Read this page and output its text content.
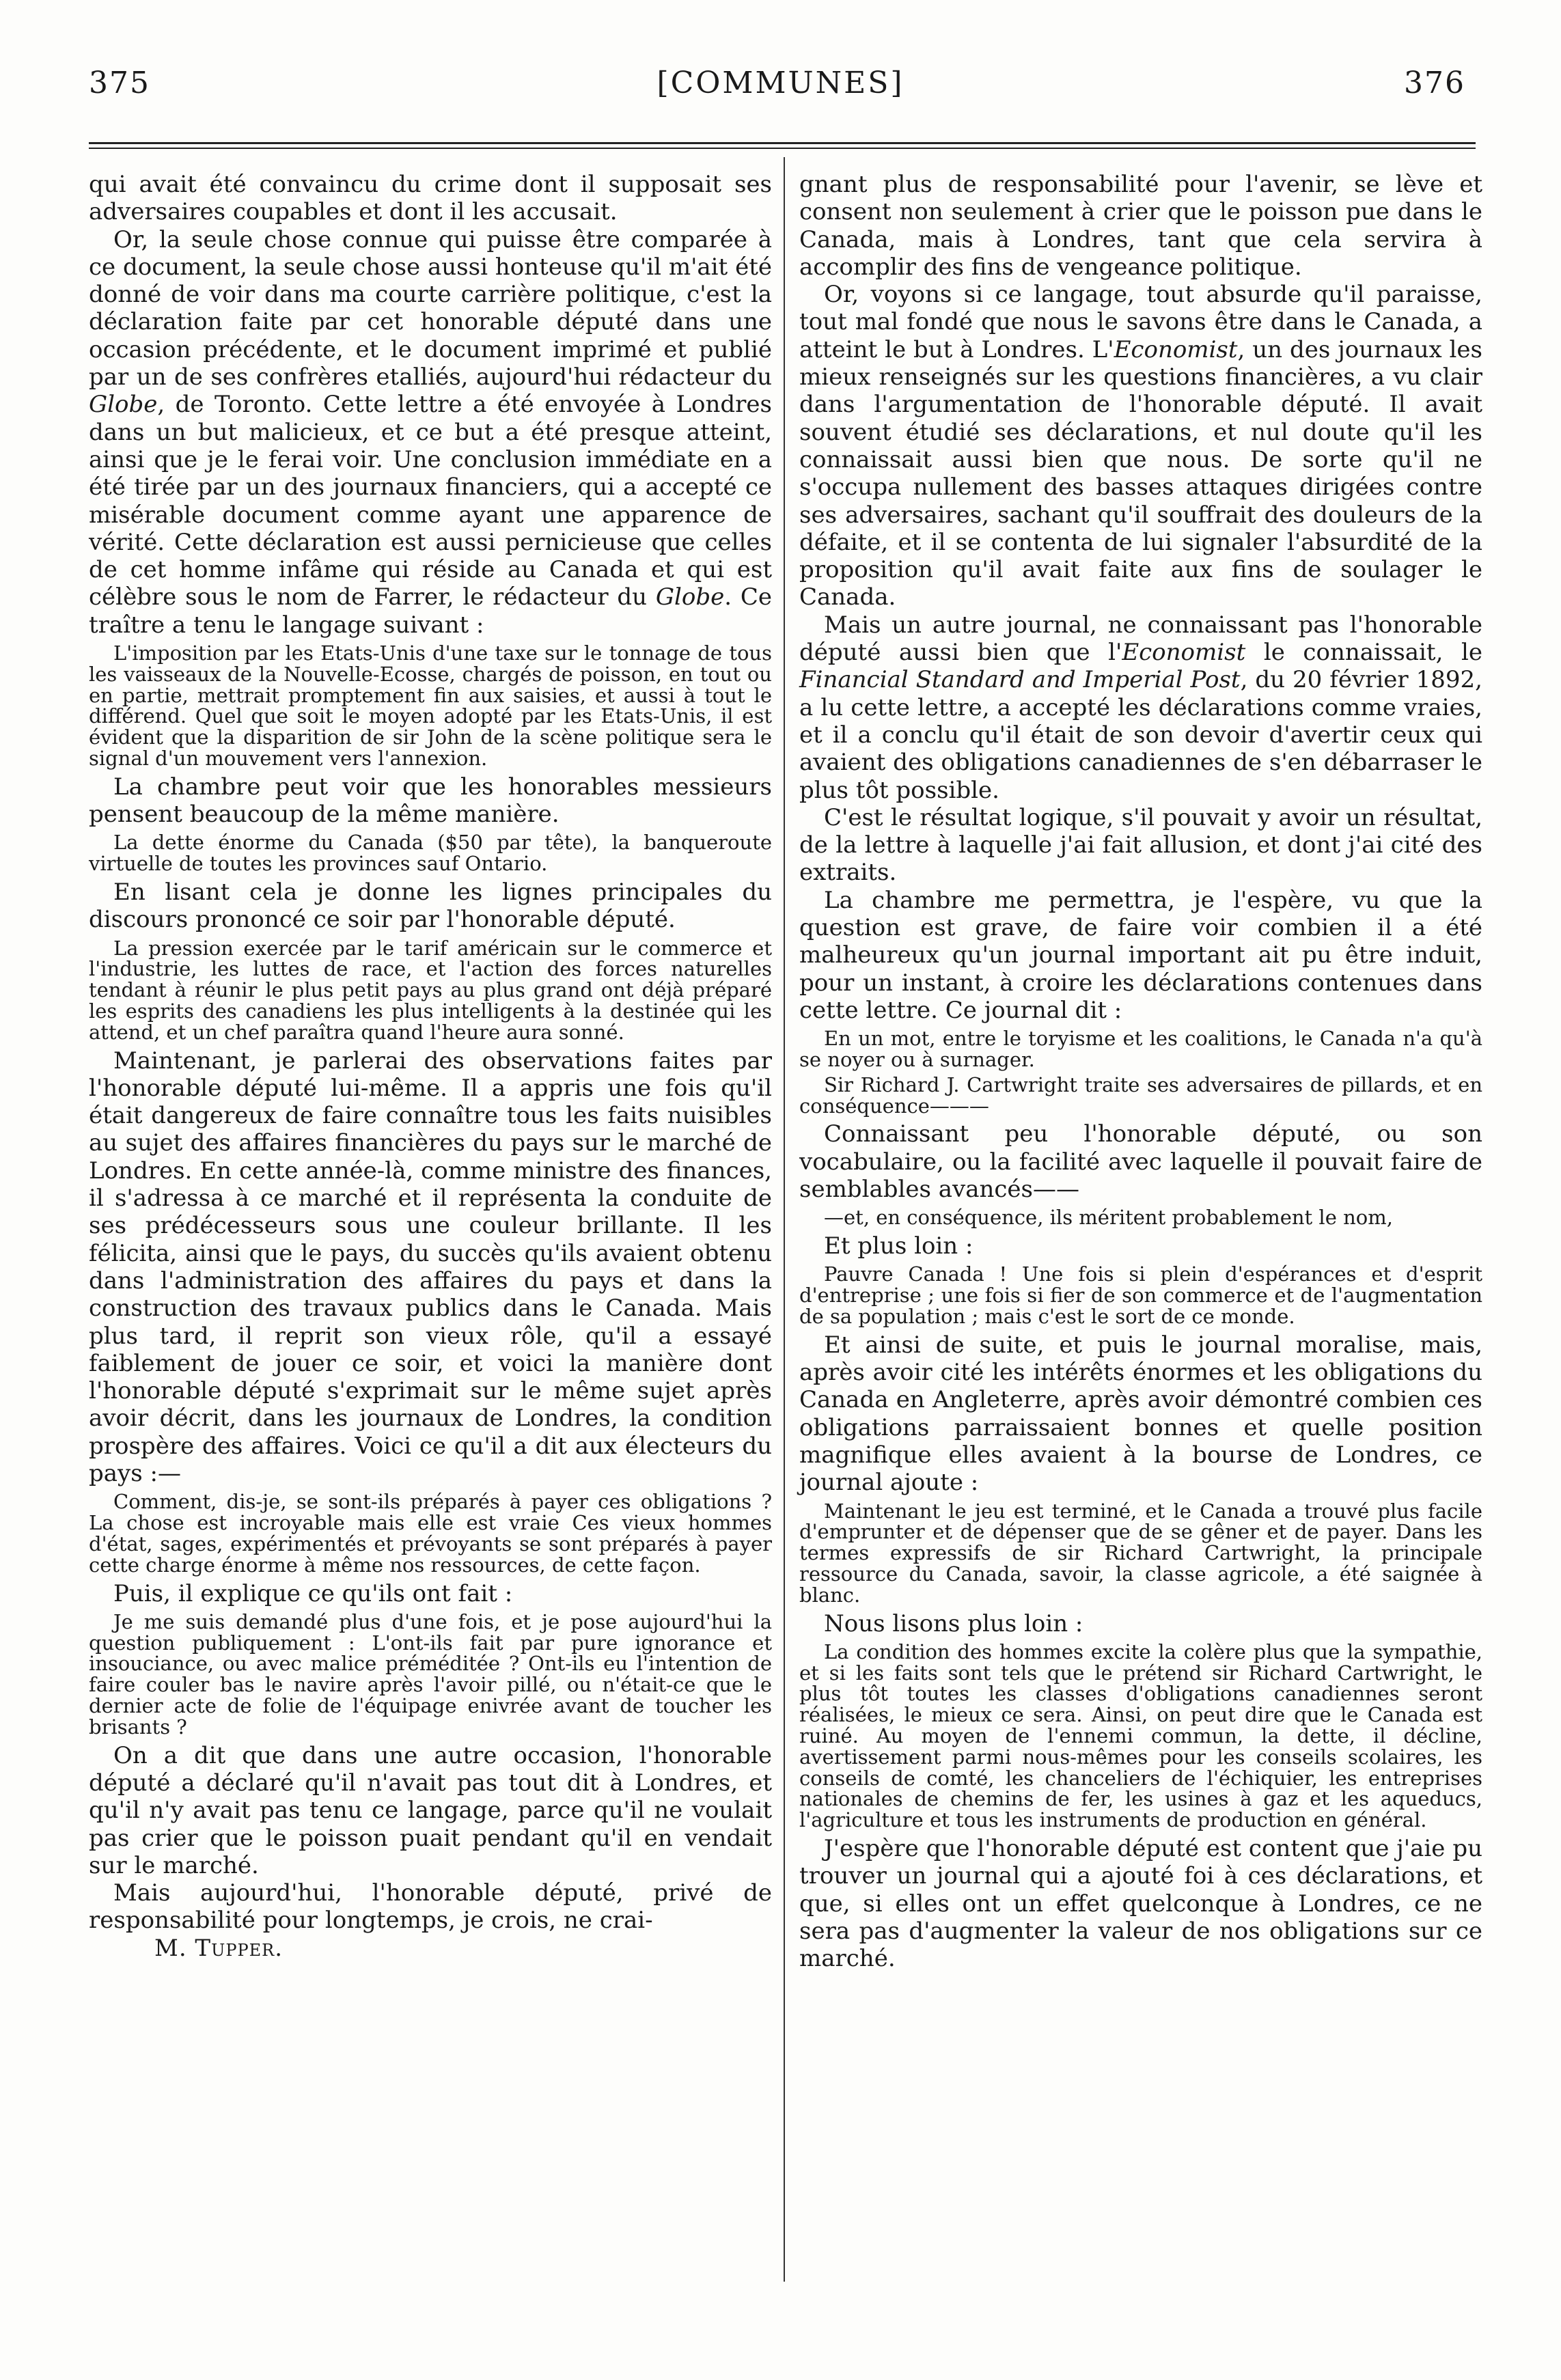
375	[COMMUNES]	376

qui avait été convaincu du crime dont il supposait ses adversaires coupables et dont il les accusait.

Or, la seule chose connue qui puisse être comparée à ce document, la seule chose aussi honteuse qu'il m'ait été donné de voir dans ma courte carrière politique, c'est la déclaration faite par cet honorable député dans une occasion précédente, et le document imprimé et publié par un de ses confrères etalliés, aujourd'hui rédacteur du Globe, de Toronto. Cette lettre a été envoyée à Londres dans un but malicieux, et ce but a été presque atteint, ainsi que je le ferai voir. Une conclusion immédiate en a été tirée par un des journaux financiers, qui a accepté ce misérable document comme ayant une apparence de vérité. Cette déclaration est aussi pernicieuse que celles de cet homme infâme qui réside au Canada et qui est célèbre sous le nom de Farrer, le rédacteur du Globe. Ce traître a tenu le langage suivant :

L'imposition par les Etats-Unis d'une taxe sur le tonnage de tous les vaisseaux de la Nouvelle-Ecosse, chargés de poisson, en tout ou en partie, mettrait promptement fin aux saisies, et aussi à tout le différend. Quel que soit le moyen adopté par les Etats-Unis, il est évident que la disparition de sir John de la scène politique sera le signal d'un mouvement vers l'annexion.

La chambre peut voir que les honorables messieurs pensent beaucoup de la même manière.

La dette énorme du Canada ($50 par tête), la banqueroute virtuelle de toutes les provinces sauf Ontario.

En lisant cela je donne les lignes principales du discours prononcé ce soir par l'honorable député.

La pression exercée par le tarif américain sur le commerce et l'industrie, les luttes de race, et l'action des forces naturelles tendant à réunir le plus petit pays au plus grand ont déjà préparé les esprits des canadiens les plus intelligents à la destinée qui les attend, et un chef paraîtra quand l'heure aura sonné.

Maintenant, je parlerai des observations faites par l'honorable député lui-même. Il a appris une fois qu'il était dangereux de faire connaître tous les faits nuisibles au sujet des affaires financières du pays sur le marché de Londres. En cette année-là, comme ministre des finances, il s'adressa à ce marché et il représenta la conduite de ses prédécesseurs sous une couleur brillante. Il les félicita, ainsi que le pays, du succès qu'ils avaient obtenu dans l'administration des affaires du pays et dans la construction des travaux publics dans le Canada. Mais plus tard, il reprit son vieux rôle, qu'il a essayé faiblement de jouer ce soir, et voici la manière dont l'honorable député s'exprimait sur le même sujet après avoir décrit, dans les journaux de Londres, la condition prospère des affaires. Voici ce qu'il a dit aux électeurs du pays :—

Comment, dis-je, se sont-ils préparés à payer ces obligations ? La chose est incroyable mais elle est vraie Ces vieux hommes d'état, sages, expérimentés et prévoyants se sont préparés à payer cette charge énorme à même nos ressources, de cette façon.

Puis, il explique ce qu'ils ont fait :

Je me suis demandé plus d'une fois, et je pose aujourd'hui la question publiquement : L'ont-ils fait par pure ignorance et insouciance, ou avec malice préméditée ? Ont-ils eu l'intention de faire couler bas le navire après l'avoir pillé, ou n'était-ce que le dernier acte de folie de l'équipage enivrée avant de toucher les brisants ?

On a dit que dans une autre occasion, l'honorable député a déclaré qu'il n'avait pas tout dit à Londres, et qu'il n'y avait pas tenu ce langage, parce qu'il ne voulait pas crier que le poisson puait pendant qu'il en vendait sur le marché.

Mais aujourd'hui, l'honorable député, privé de responsabilité pour longtemps, je crois, ne crai-

M. Tupper.

gnant plus de responsabilité pour l'avenir, se lève et consent non seulement à crier que le poisson pue dans le Canada, mais à Londres, tant que cela servira à accomplir des fins de vengeance politique.

Or, voyons si ce langage, tout absurde qu'il paraisse, tout mal fondé que nous le savons être dans le Canada, a atteint le but à Londres. L'Economist, un des journaux les mieux renseignés sur les questions financières, a vu clair dans l'argumentation de l'honorable député. Il avait souvent étudié ses déclarations, et nul doute qu'il les connaissait aussi bien que nous. De sorte qu'il ne s'occupa nullement des basses attaques dirigées contre ses adversaires, sachant qu'il souffrait des douleurs de la défaite, et il se contenta de lui signaler l'absurdité de la proposition qu'il avait faite aux fins de soulager le Canada.

Mais un autre journal, ne connaissant pas l'honorable député aussi bien que l'Economist le connaissait, le Financial Standard and Imperial Post, du 20 février 1892, a lu cette lettre, a accepté les déclarations comme vraies, et il a conclu qu'il était de son devoir d'avertir ceux qui avaient des obligations canadiennes de s'en débarraser le plus tôt possible.

C'est le résultat logique, s'il pouvait y avoir un résultat, de la lettre à laquelle j'ai fait allusion, et dont j'ai cité des extraits.

La chambre me permettra, je l'espère, vu que la question est grave, de faire voir combien il a été malheureux qu'un journal important ait pu être induit, pour un instant, à croire les déclarations contenues dans cette lettre. Ce journal dit :

En un mot, entre le toryisme et les coalitions, le Canada n'a qu'à se noyer ou à surnager.

Sir Richard J. Cartwright traite ses adversaires de pillards, et en conséquence———

Connaissant peu l'honorable député, ou son vocabulaire, ou la facilité avec laquelle il pouvait faire de semblables avancés——

—et, en conséquence, ils méritent probablement le nom,

Et plus loin :

Pauvre Canada ! Une fois si plein d'espérances et d'esprit d'entreprise ; une fois si fier de son commerce et de l'augmentation de sa population ; mais c'est le sort de ce monde.

Et ainsi de suite, et puis le journal moralise, mais, après avoir cité les intérêts énormes et les obligations du Canada en Angleterre, après avoir démontré combien ces obligations parraissaient bonnes et quelle position magnifique elles avaient à la bourse de Londres, ce journal ajoute :

Maintenant le jeu est terminé, et le Canada a trouvé plus facile d'emprunter et de dépenser que de se gêner et de payer. Dans les termes expressifs de sir Richard Cartwright, la principale ressource du Canada, savoir, la classe agricole, a été saignée à blanc.

Nous lisons plus loin :

La condition des hommes excite la colère plus que la sympathie, et si les faits sont tels que le prétend sir Richard Cartwright, le plus tôt toutes les classes d'obligations canadiennes seront réalisées, le mieux ce sera. Ainsi, on peut dire que le Canada est ruiné. Au moyen de l'ennemi commun, la dette, il décline, avertissement parmi nous-mêmes pour les conseils scolaires, les conseils de comté, les chanceliers de l'échiquier, les entreprises nationales de chemins de fer, les usines à gaz et les aqueducs, l'agriculture et tous les instruments de production en général.

J'espère que l'honorable député est content que j'aie pu trouver un journal qui a ajouté foi à ces déclarations, et que, si elles ont un effet quelconque à Londres, ce ne sera pas d'augmenter la valeur de nos obligations sur ce marché.
